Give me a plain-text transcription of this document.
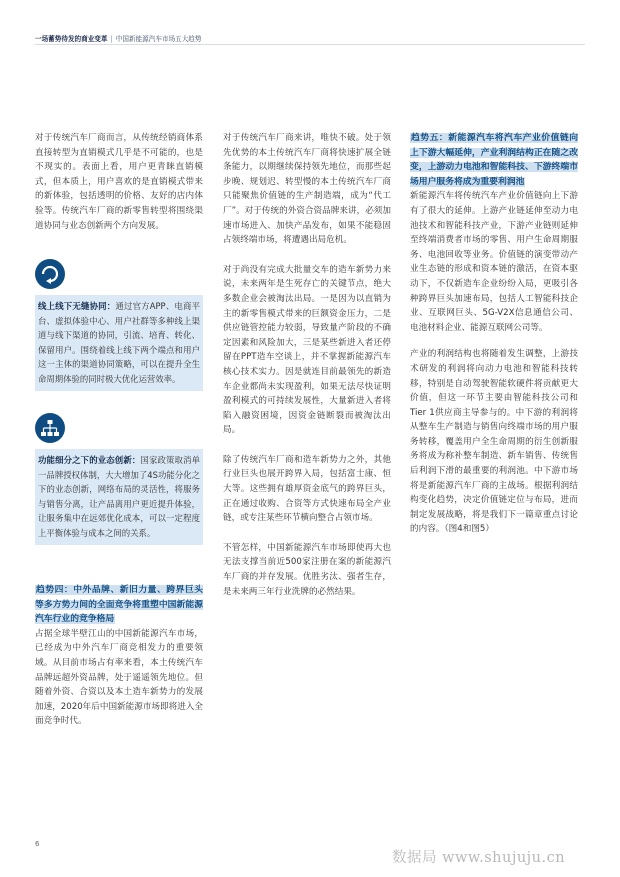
一场蓄势待发的商业变革 | 中国新能源汽车市场五大趋势

对于传统汽车厂商而言，从传统经销商体系直接转型为直销模式几乎是不可能的，也是不现实的。表面上看，用户更青睐直销模式，但本质上，用户喜欢的是直销模式带来的新体验，包括透明的价格、友好的店内体验等。传统汽车厂商的新零售转型将围绕渠道协同与业态创新两个方向发展。

线上线下无缝协同：通过官方APP、电商平台、虚拟体验中心、用户社群等多种线上渠道与线下渠道的协同，引流、培育、转化、保留用户。围绕着线上线下两个端点和用户这一主体的渠道协同策略，可以在提升全生命周期体验的同时极大优化运营效率。

功能细分之下的业态创新：国家政策取消单一品牌授权体制，大大增加了4S功能分化之下的业态创新，网络布局的灵活性，将服务与销售分离，让产品离用户更近提升体验，让服务集中在远郊优化成本，可以一定程度上平衡体验与成本之间的关系。

趋势四：中外品牌、新旧力量、跨界巨头等多方势力间的全面竞争将重塑中国新能源汽车行业的竞争格局

占据全球半壁江山的中国新能源汽车市场，已经成为中外汽车厂商竞相发力的重要领域。从目前市场占有率来看，本土传统汽车品牌远超外资品牌，处于遥遥领先地位。但随着外资、合资以及本土造车新势力的发展加速，2020年后中国新能源市场即将进入全面竞争时代。

对于传统汽车厂商来讲，唯快不破。处于领先优势的本土传统汽车厂商将快速扩展全链条能力，以期继续保持领先地位，而那些起步晚、规划迟、转型慢的本土传统汽车厂商只能聚焦价值链的生产制造端，成为“代工厂”。对于传统的外资合资品牌来讲，必须加速市场进入、加快产品发布，如果不能稳固占领终端市场，将遭遇出局危机。

对于尚没有完成大批量交车的造车新势力来说，未来两年是生死存亡的关键节点，绝大多数企业会被淘汰出局。一是因为以直销为主的新零售模式带来的巨额资金压力，二是供应链管控能力较弱，导致量产阶段的不确定因素和风险加大，三是某些新进入者还停留在PPT造车空谈上，并不掌握新能源汽车核心技术实力。因是就连目前最领先的新造车企业都尚未实现盈利，如果无法尽快证明盈利模式的可持续发展性，大量新进入者将陷入融资困境，因资金链断裂而被淘汰出局。

除了传统汽车厂商和造车新势力之外，其他行业巨头也展开跨界入局，包括富士康、恒大等。这些拥有雄厚资金底气的跨界巨头，正在通过收购、合资等方式快速布局全产业链，或专注某些环节横向整合占领市场。

不管怎样，中国新能源汽车市场即使再大也无法支撑当前近500家注册在案的新能源汽车厂商的并存发展。优胜劣汰、强者生存，是未来两三年行业洗牌的必然结果。

趋势五：新能源汽车将汽车产业价值链向上下游大幅延伸，产业利润结构正在随之改变，上游动力电池和智能科技、下游终端市场用户服务将成为重要利润池

新能源汽车将传统汽车产业价值链向上下游有了很大的延伸。上游产业链延伸至动力电池技术和智能科技产业，下游产业链则延伸至终端消费者市场的零售、用户生命周期服务、电池回收等业务。价值链的演变带动产业生态链的形成和资本链的激活，在资本驱动下，不仅新造车企业纷纷入局，更吸引各种跨界巨头加速布局，包括人工智能科技企业、互联网巨头、5G-V2X信息通信公司、电池材料企业、能源互联网公司等。

产业的利润结构也将随着发生调整，上游技术研发的利润将向动力电池和智能科技转移，特别是自动驾驶智能软硬件将贡献更大价值，但这一环节主要由智能科技公司和Tier 1供应商主导参与的。中下游的利润将从整车生产制造与销售向终端市场的用户服务转移，覆盖用户全生命周期的衍生创新服务将成为称补整车制造、新车销售、传统售后利润下滑的最重要的利润池。中下游市场将是新能源汽车厂商的主战场。根据利润结构变化趋势，决定价值链定位与布局，进而制定发展战略，将是我们下一篇章重点讨论的内容。（图4和图5）

6
数据局 www.shujuju.cn
